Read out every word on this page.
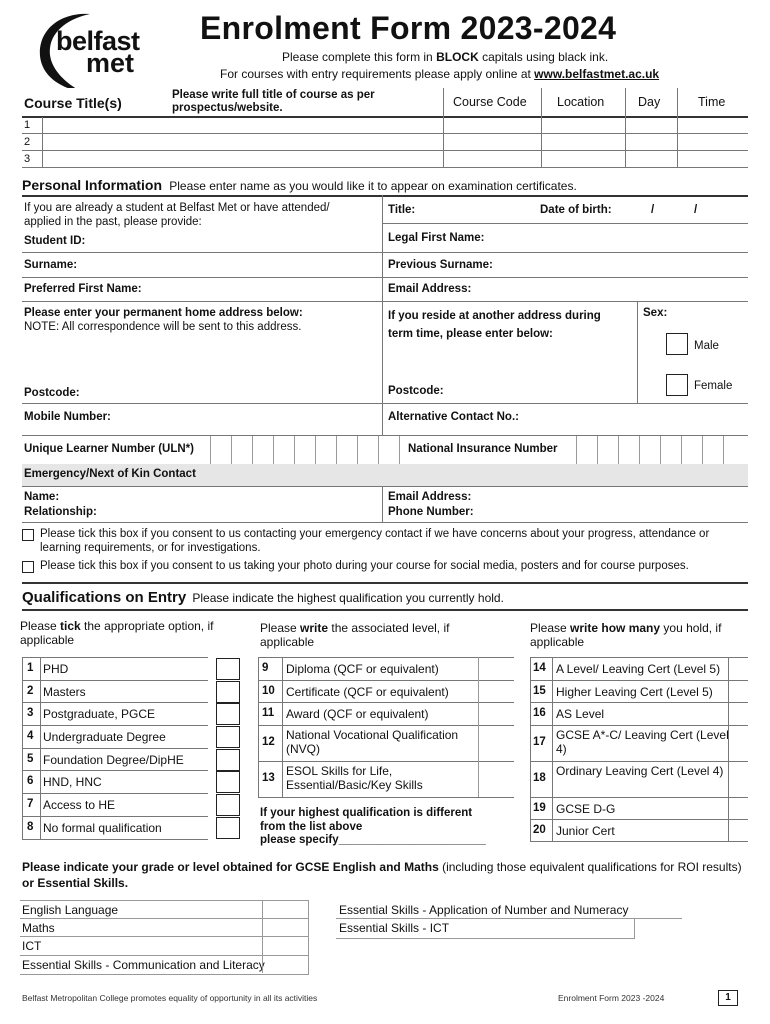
belfast
met
Enrolment Form 2023-2024
Please complete this form in BLOCK capitals using black ink.
For courses with entry requirements please apply online at www.belfastmet.ac.uk
Course Title(s)	Please write full title of course as per prospectus/website.	Course Code Location	Day	Time
1
2
3
Personal Information Please enter name as you would like it to appear on examination certificates.
If you are already a student at Belfast Met or have attended/ applied in the past, please provide:
Student ID:
Title:	Date of birth:	/	/
Legal First Name:
Surname:	Previous Surname:
Preferred First Name:	Email Address:
Please enter your permanent home address below:
NOTE: All correspondence will be sent to this address.
If you reside at another address during term time, please enter below:
Sex:
Male
Female
Postcode:	Postcode:
Mobile Number:	Alternative Contact No.:
Unique Learner Number (ULN*)	National Insurance Number
Emergency/Next of Kin Contact
Name:
Relationship:
Email Address:
Phone Number:
Please tick this box if you consent to us contacting your emergency contact if we have concerns about your progress, attendance or learning requirements, or for investigations.
Please tick this box if you consent to us taking your photo during your course for social media, posters and for course purposes.
Qualifications on Entry Please indicate the highest qualification you currently hold.
Please tick the appropriate option, if applicable
Please write the associated level, if applicable
Please write how many you hold, if applicable
1 PHD
2 Masters
3 Postgraduate, PGCE
4 Undergraduate Degree
5 Foundation Degree/DipHE
6 HND, HNC
7 Access to HE
8 No formal qualification
9 Diploma (QCF or equivalent)
10 Certificate (QCF or equivalent)
11 Award (QCF or equivalent)
12 National Vocational Qualification (NVQ)
13 ESOL Skills for Life, Essential/Basic/Key Skills
If your highest qualification is different from the list above
please specify_______________________
14 A Level/ Leaving Cert (Level 5)
15 Higher Leaving Cert (Level 5)
16 AS Level
17 GCSE A*-C/ Leaving Cert (Level 4)
18 Ordinary Leaving Cert (Level 4)
19 GCSE D-G
20 Junior Cert
Please indicate your grade or level obtained for GCSE English and Maths (including those equivalent qualifications for ROI results) or Essential Skills.
English Language
Maths
ICT
Essential Skills - Communication and Literacy
Essential Skills - Application of Number and Numeracy
Essential Skills - ICT
Belfast Metropolitan College promotes equality of opportunity in all its activities	Enrolment Form 2023 -2024	1
